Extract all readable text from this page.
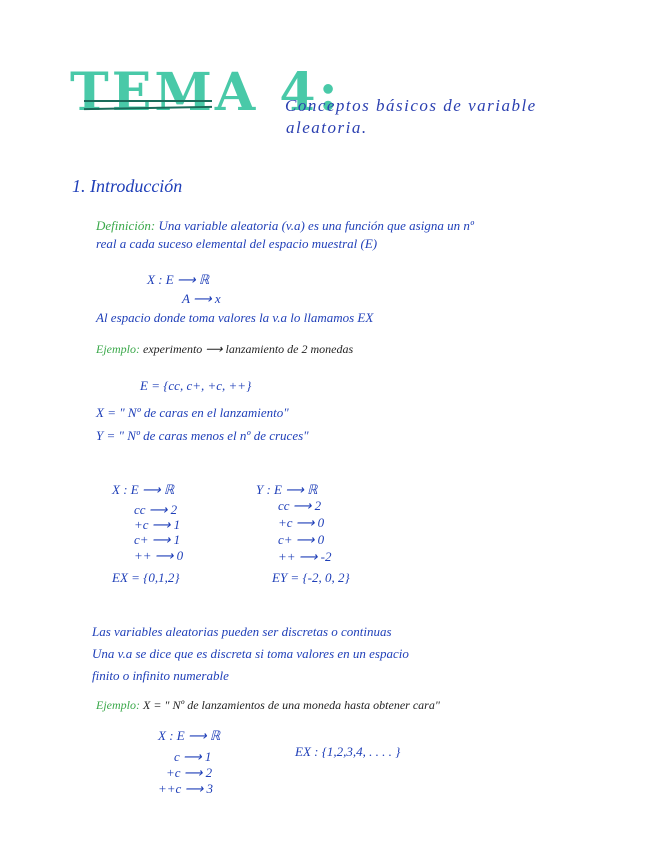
TEMA 4:
Conceptos básicos de variable
aleatoria.
1. Introducción
Definición: Una variable aleatoria (v.a) es una función que asigna un nº
real a cada suceso elemental del espacio muestral (E)
X : E ⟶ ℝ
A ⟶ x
Al espacio donde toma valores la v.a lo llamamos EX
Ejemplo: experimento ⟶ lanzamiento de 2 monedas
E = {cc, c+, +c, ++}
X = " Nº de caras en el lanzamiento"
Y = " Nº de caras menos el nº de cruces"
X : E ⟶ ℝ
cc ⟶ 2
+c ⟶ 1
c+ ⟶ 1
++ ⟶ 0
EX = {0,1,2}
Y : E ⟶ ℝ
cc ⟶ 2
+c ⟶ 0
c+ ⟶ 0
++ ⟶ -2
EY = {-2, 0, 2}
Las variables aleatorias pueden ser discretas o continuas
Una v.a se dice que es discreta si toma valores en un espacio
finito o infinito numerable
Ejemplo: X = " Nº de lanzamientos de una moneda hasta obtener cara"
X : E ⟶ ℝ
c ⟶ 1
+c ⟶ 2
++c ⟶ 3
EX : {1,2,3,4, . . . . }
